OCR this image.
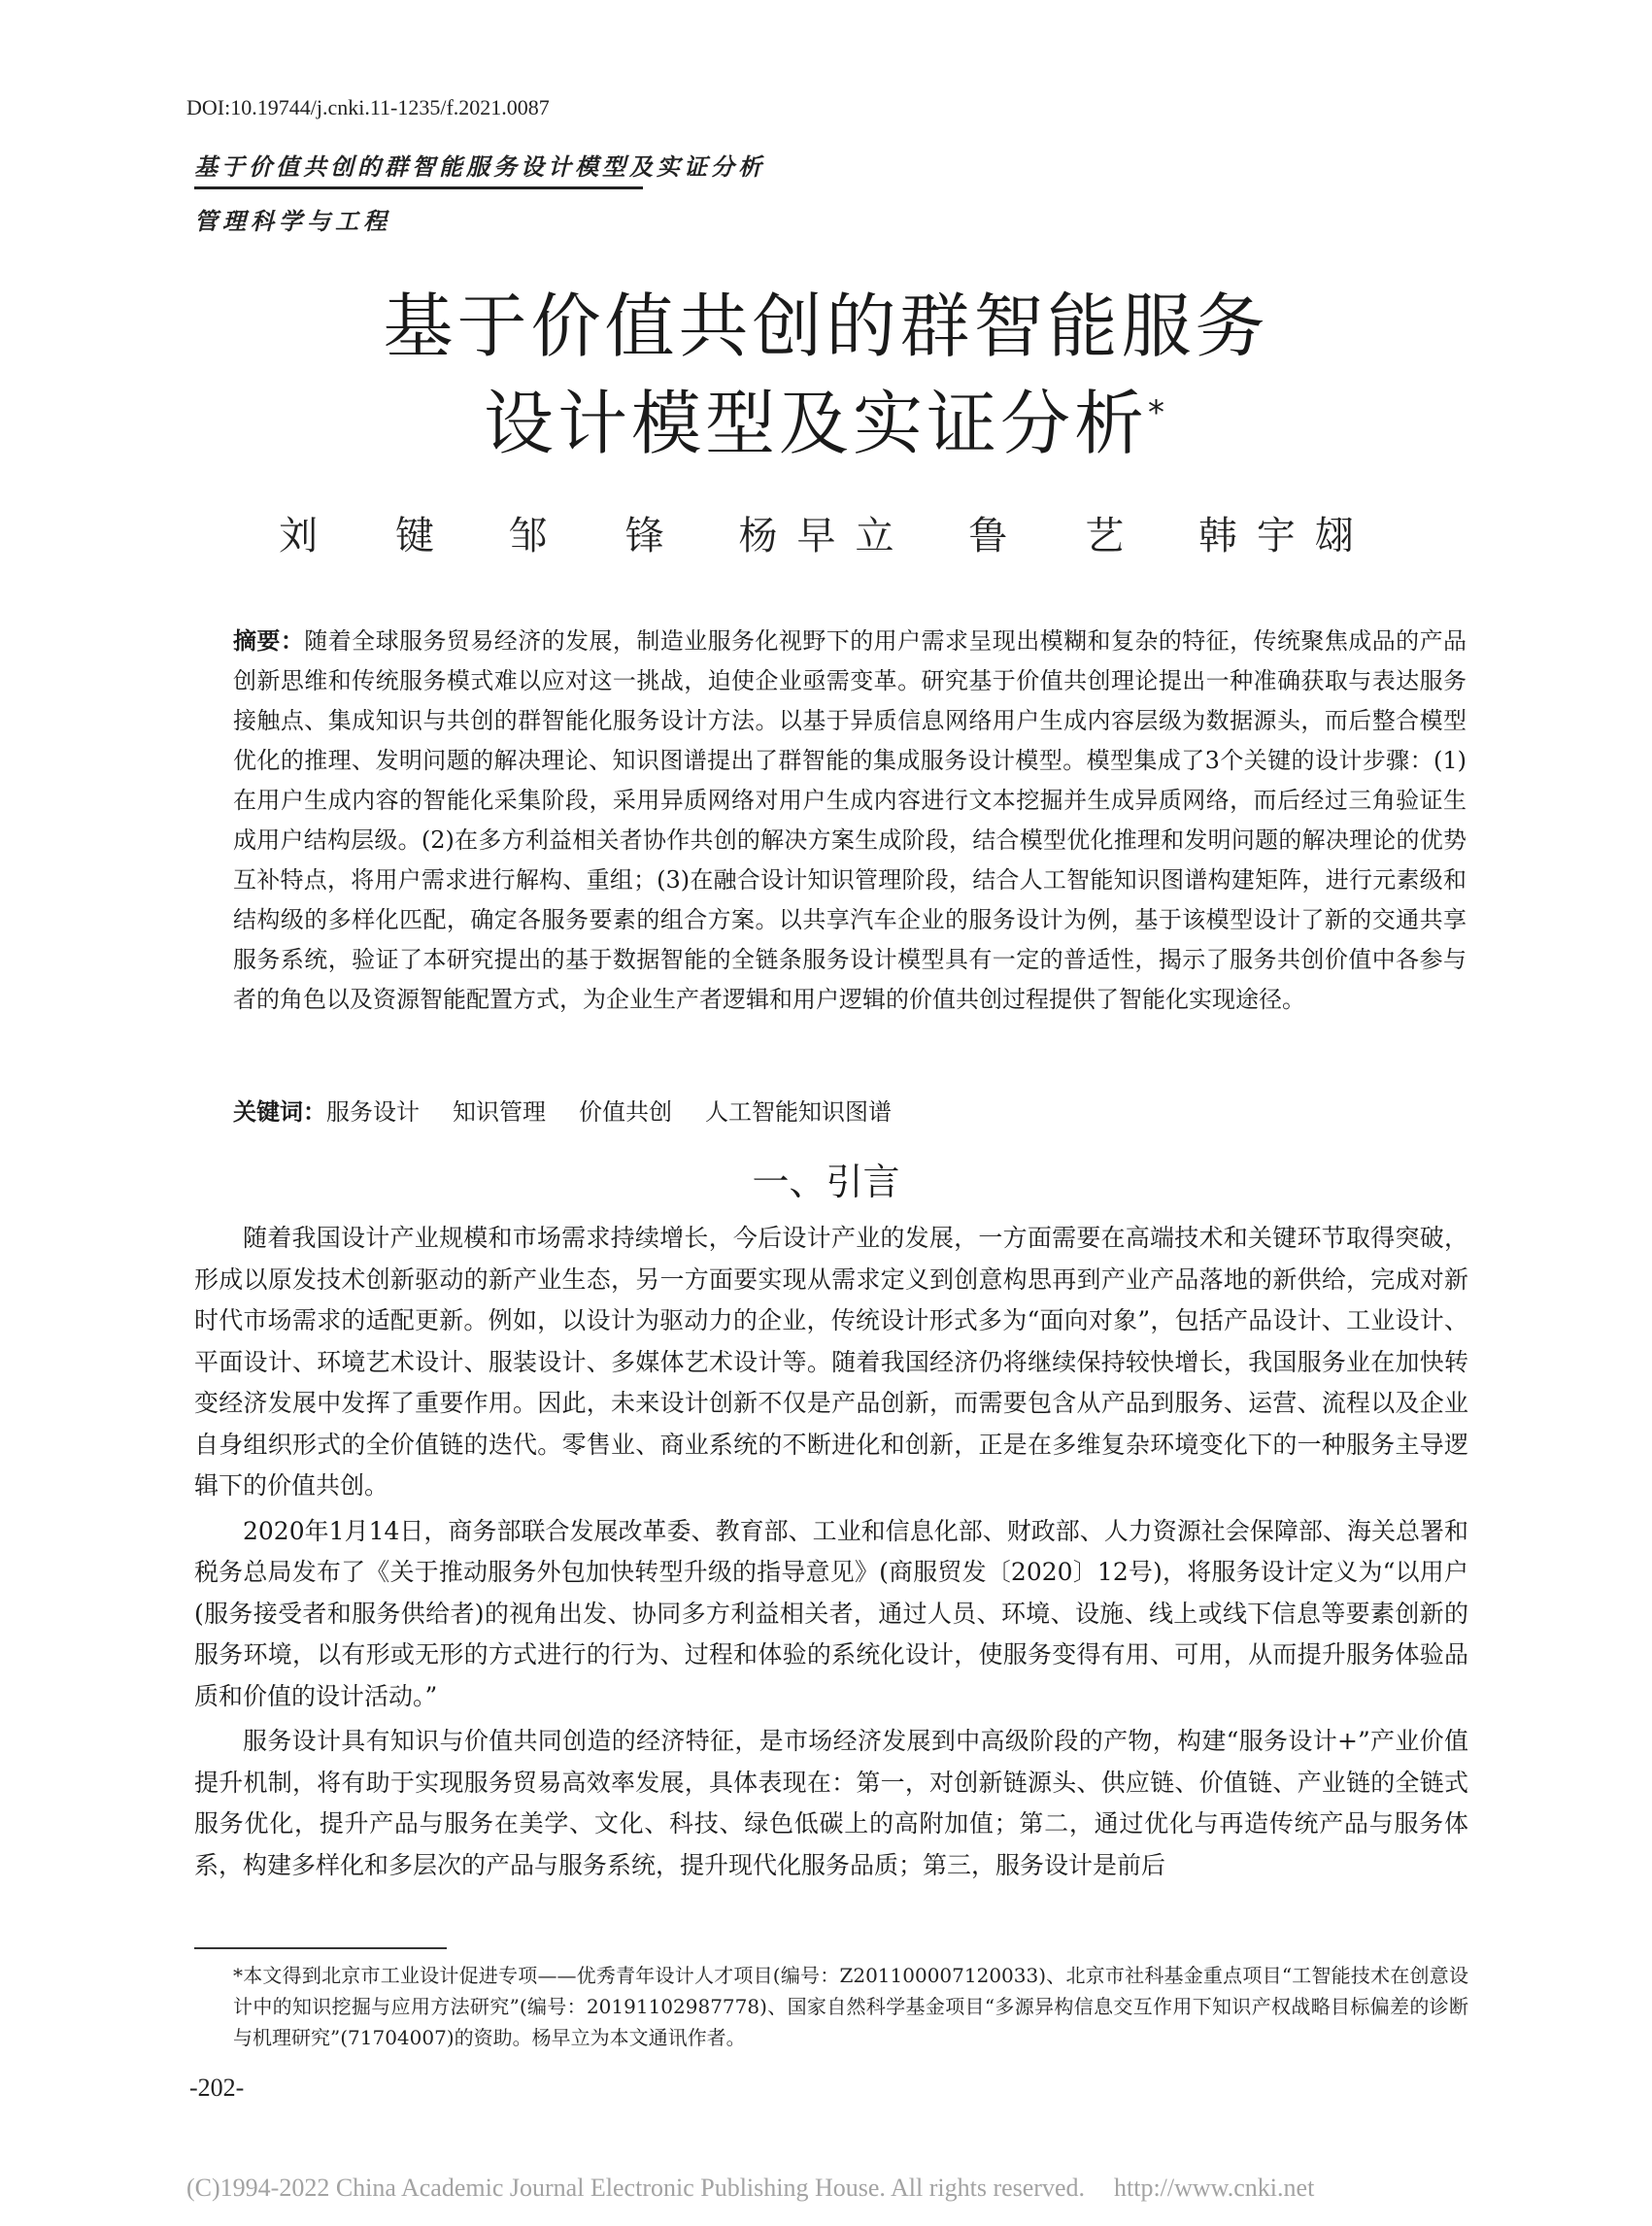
DOI:10.19744/j.cnki.11-1235/f.2021.0087
基于价值共创的群智能服务设计模型及实证分析
管理科学与工程
基于价值共创的群智能服务
设计模型及实证分析*
刘　键 邹　锋 杨早立 鲁　艺 韩宇翃
摘要：随着全球服务贸易经济的发展，制造业服务化视野下的用户需求呈现出模糊和复杂的特征，传统聚焦成品的产品创新思维和传统服务模式难以应对这一挑战，迫使企业亟需变革。研究基于价值共创理论提出一种准确获取与表达服务接触点、集成知识与共创的群智能化服务设计方法。以基于异质信息网络用户生成内容层级为数据源头，而后整合模型优化的推理、发明问题的解决理论、知识图谱提出了群智能的集成服务设计模型。模型集成了3个关键的设计步骤：(1)在用户生成内容的智能化采集阶段，采用异质网络对用户生成内容进行文本挖掘并生成异质网络，而后经过三角验证生成用户结构层级。(2)在多方利益相关者协作共创的解决方案生成阶段，结合模型优化推理和发明问题的解决理论的优势互补特点，将用户需求进行解构、重组；(3)在融合设计知识管理阶段，结合人工智能知识图谱构建矩阵，进行元素级和结构级的多样化匹配，确定各服务要素的组合方案。以共享汽车企业的服务设计为例，基于该模型设计了新的交通共享服务系统，验证了本研究提出的基于数据智能的全链条服务设计模型具有一定的普适性，揭示了服务共创价值中各参与者的角色以及资源智能配置方式，为企业生产者逻辑和用户逻辑的价值共创过程提供了智能化实现途径。
关键词：服务设计 知识管理 价值共创 人工智能知识图谱
一、引言

随着我国设计产业规模和市场需求持续增长，今后设计产业的发展，一方面需要在高端技术和关键环节取得突破，形成以原发技术创新驱动的新产业生态，另一方面要实现从需求定义到创意构思再到产业产品落地的新供给，完成对新时代市场需求的适配更新。例如，以设计为驱动力的企业，传统设计形式多为“面向对象”，包括产品设计、工业设计、平面设计、环境艺术设计、服装设计、多媒体艺术设计等。随着我国经济仍将继续保持较快增长，我国服务业在加快转变经济发展中发挥了重要作用。因此，未来设计创新不仅是产品创新，而需要包含从产品到服务、运营、流程以及企业自身组织形式的全价值链的迭代。零售业、商业系统的不断进化和创新，正是在多维复杂环境变化下的一种服务主导逻辑下的价值共创。

2020年1月14日，商务部联合发展改革委、教育部、工业和信息化部、财政部、人力资源社会保障部、海关总署和税务总局发布了《关于推动服务外包加快转型升级的指导意见》(商服贸发〔2020〕12号)，将服务设计定义为“以用户(服务接受者和服务供给者)的视角出发、协同多方利益相关者，通过人员、环境、设施、线上或线下信息等要素创新的服务环境，以有形或无形的方式进行的行为、过程和体验的系统化设计，使服务变得有用、可用，从而提升服务体验品质和价值的设计活动。”

服务设计具有知识与价值共同创造的经济特征，是市场经济发展到中高级阶段的产物，构建“服务设计+”产业价值提升机制，将有助于实现服务贸易高效率发展，具体表现在：第一，对创新链源头、供应链、价值链、产业链的全链式服务优化，提升产品与服务在美学、文化、科技、绿色低碳上的高附加值；第二，通过优化与再造传统产品与服务体系，构建多样化和多层次的产品与服务系统，提升现代化服务品质；第三，服务设计是前后

*本文得到北京市工业设计促进专项——优秀青年设计人才项目(编号：Z201100007120033)、北京市社科基金重点项目“工智能技术在创意设计中的知识挖掘与应用方法研究”(编号：20191102987778)、国家自然科学基金项目“多源异构信息交互作用下知识产权战略目标偏差的诊断与机理研究”(71704007)的资助。杨早立为本文通讯作者。
-202-
(C)1994-2022 China Academic Journal Electronic Publishing House. All rights reserved. http://www.cnki.net
